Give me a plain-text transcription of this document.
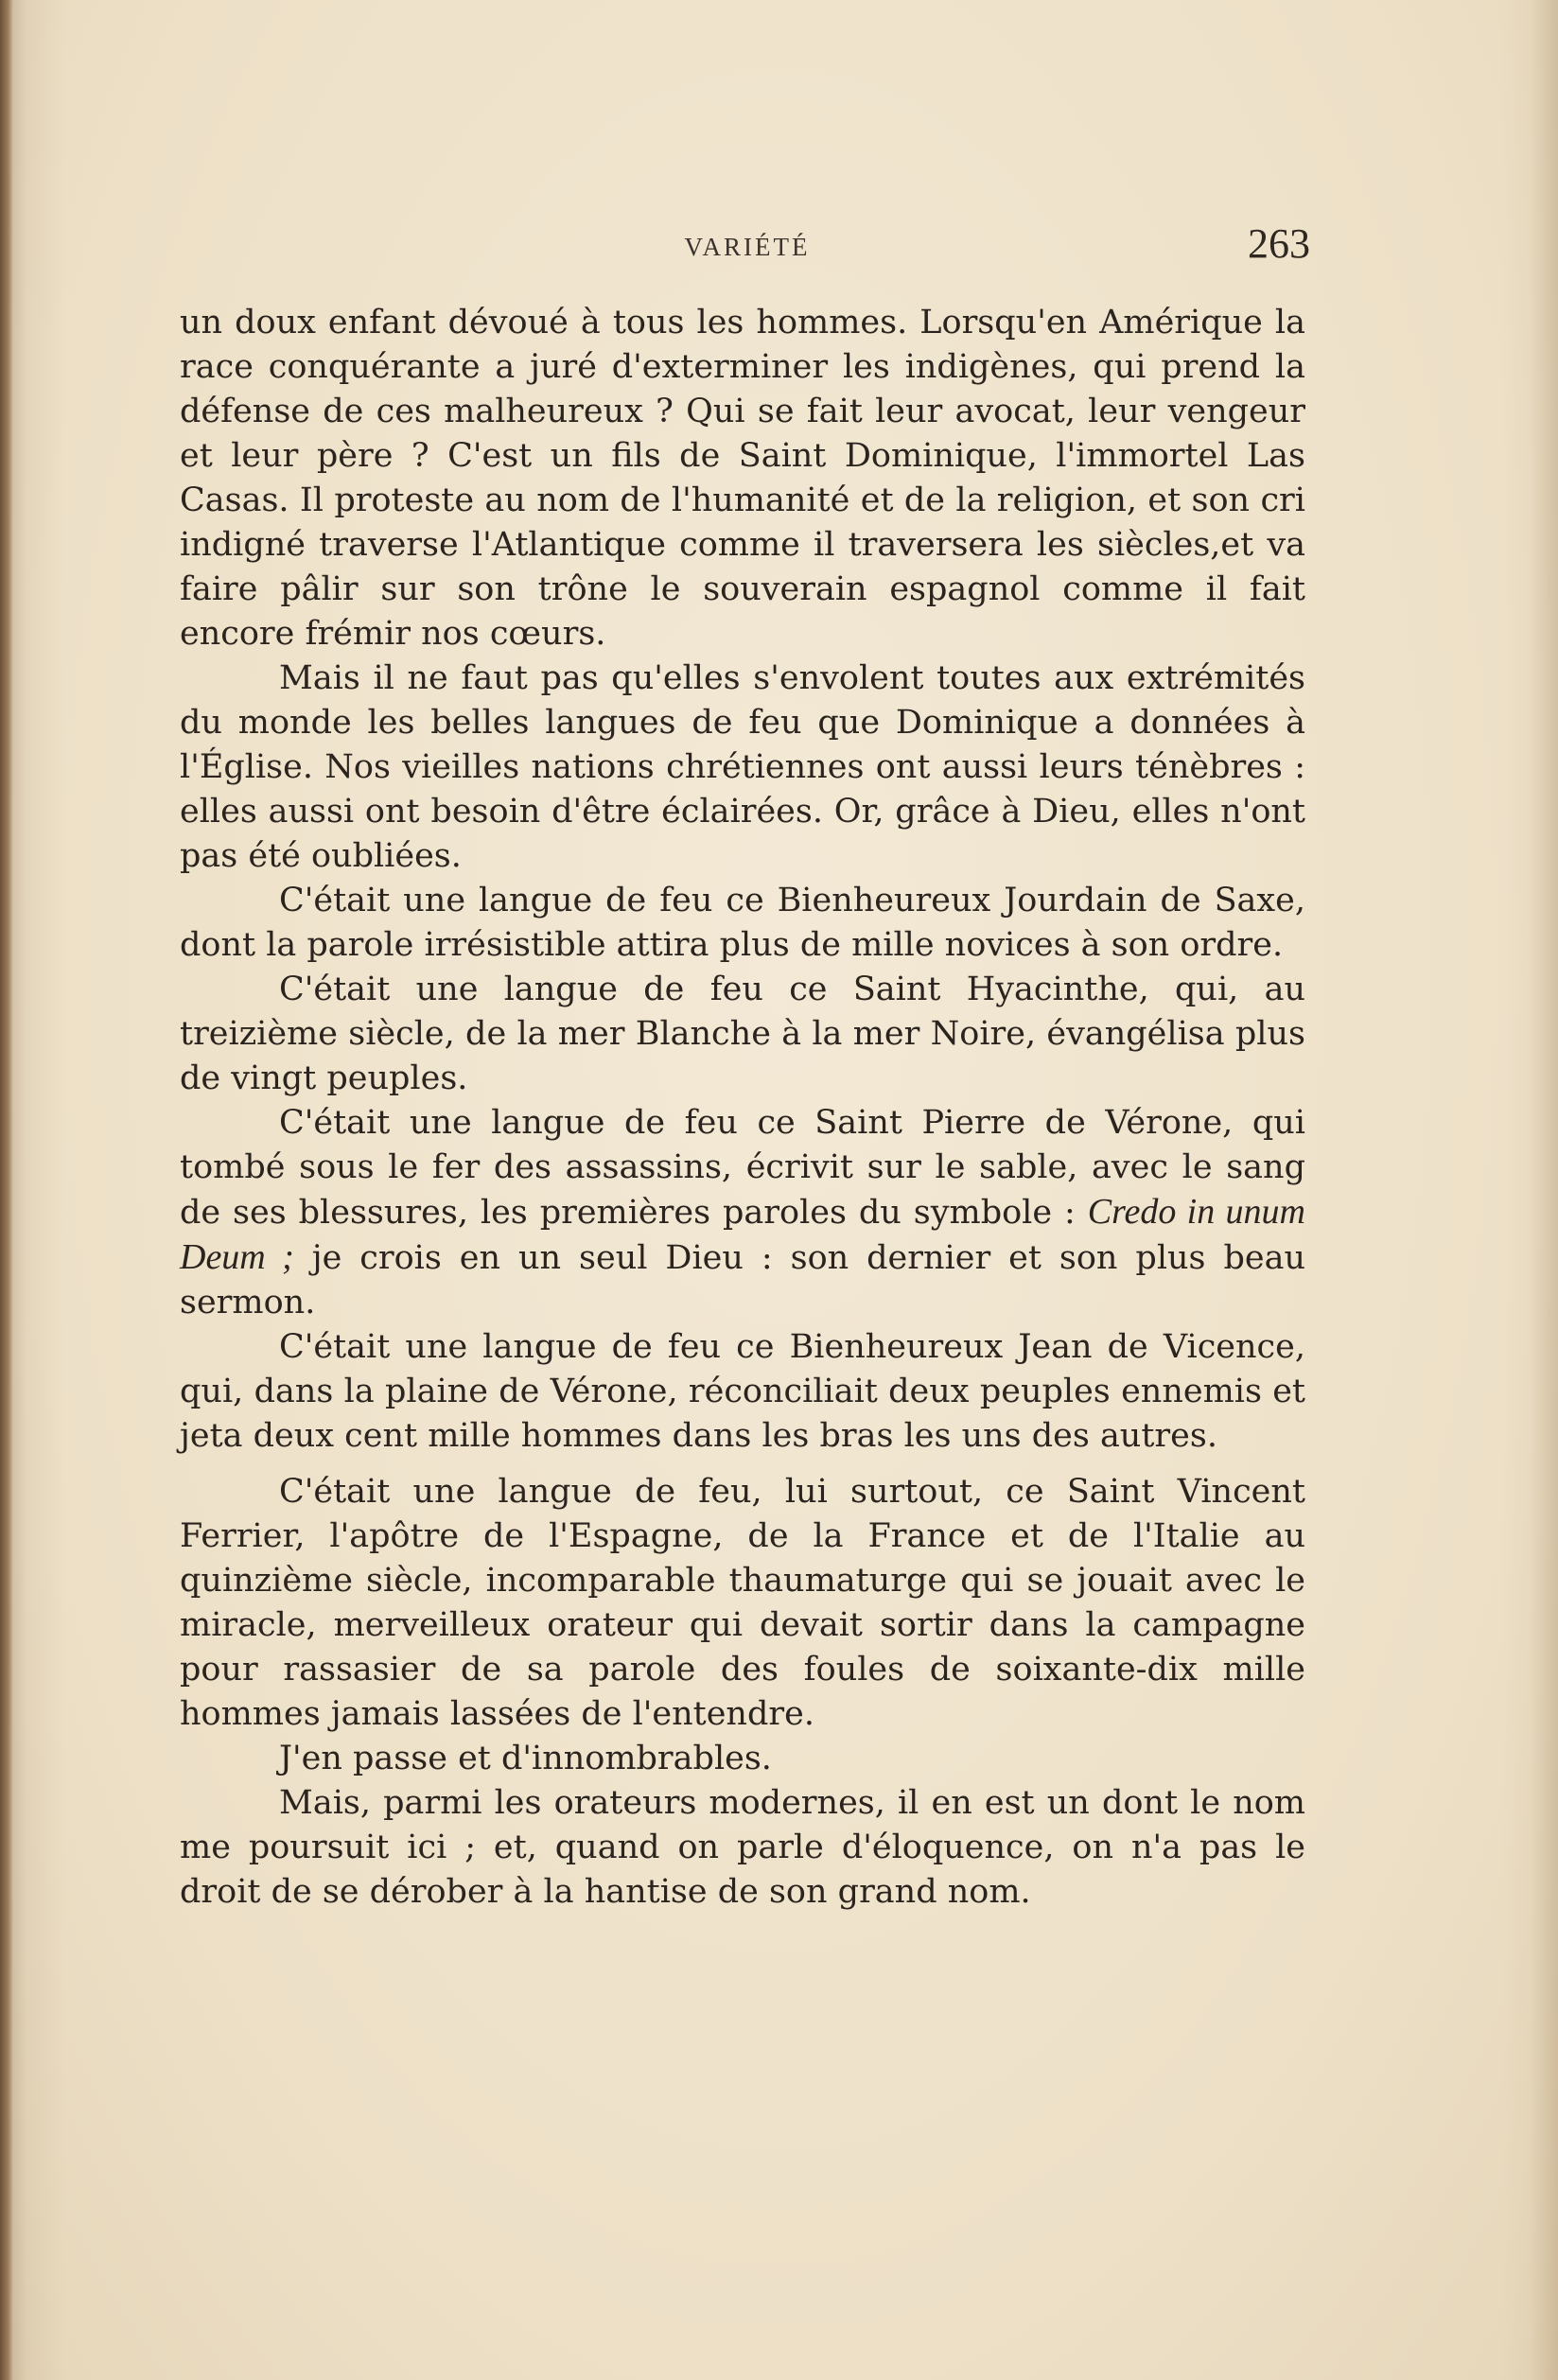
VARIÉTÉ	263

un doux enfant dévoué à tous les hommes. Lorsqu'en Amérique la race conquérante a juré d'exterminer les indigènes, qui prend la défense de ces malheureux ? Qui se fait leur avocat, leur vengeur et leur père ? C'est un fils de Saint Dominique, l'immortel Las Casas. Il proteste au nom de l'humanité et de la religion, et son cri indigné traverse l'Atlantique comme il traversera les siècles,et va faire pâlir sur son trône le souverain espagnol comme il fait encore frémir nos cœurs.

Mais il ne faut pas qu'elles s'envolent toutes aux extrémités du monde les belles langues de feu que Dominique a données à l'Église. Nos vieilles nations chrétiennes ont aussi leurs ténèbres : elles aussi ont besoin d'être éclairées. Or, grâce à Dieu, elles n'ont pas été oubliées.

C'était une langue de feu ce Bienheureux Jourdain de Saxe, dont la parole irrésistible attira plus de mille novices à son ordre.

C'était une langue de feu ce Saint Hyacinthe, qui, au treizième siècle, de la mer Blanche à la mer Noire, évangélisa plus de vingt peuples.

C'était une langue de feu ce Saint Pierre de Vérone, qui tombé sous le fer des assassins, écrivit sur le sable, avec le sang de ses blessures, les premières paroles du symbole : Credo in unum Deum ; je crois en un seul Dieu : son dernier et son plus beau sermon.

C'était une langue de feu ce Bienheureux Jean de Vicence, qui, dans la plaine de Vérone, réconciliait deux peuples ennemis et jeta deux cent mille hommes dans les bras les uns des autres.

C'était une langue de feu, lui surtout, ce Saint Vincent Ferrier, l'apôtre de l'Espagne, de la France et de l'Italie au quinzième siècle, incomparable thaumaturge qui se jouait avec le miracle, merveilleux orateur qui devait sortir dans la campagne pour rassasier de sa parole des foules de soixante-dix mille hommes jamais lassées de l'entendre.

J'en passe et d'innombrables.

Mais, parmi les orateurs modernes, il en est un dont le nom me poursuit ici ; et, quand on parle d'éloquence, on n'a pas le droit de se dérober à la hantise de son grand nom.
